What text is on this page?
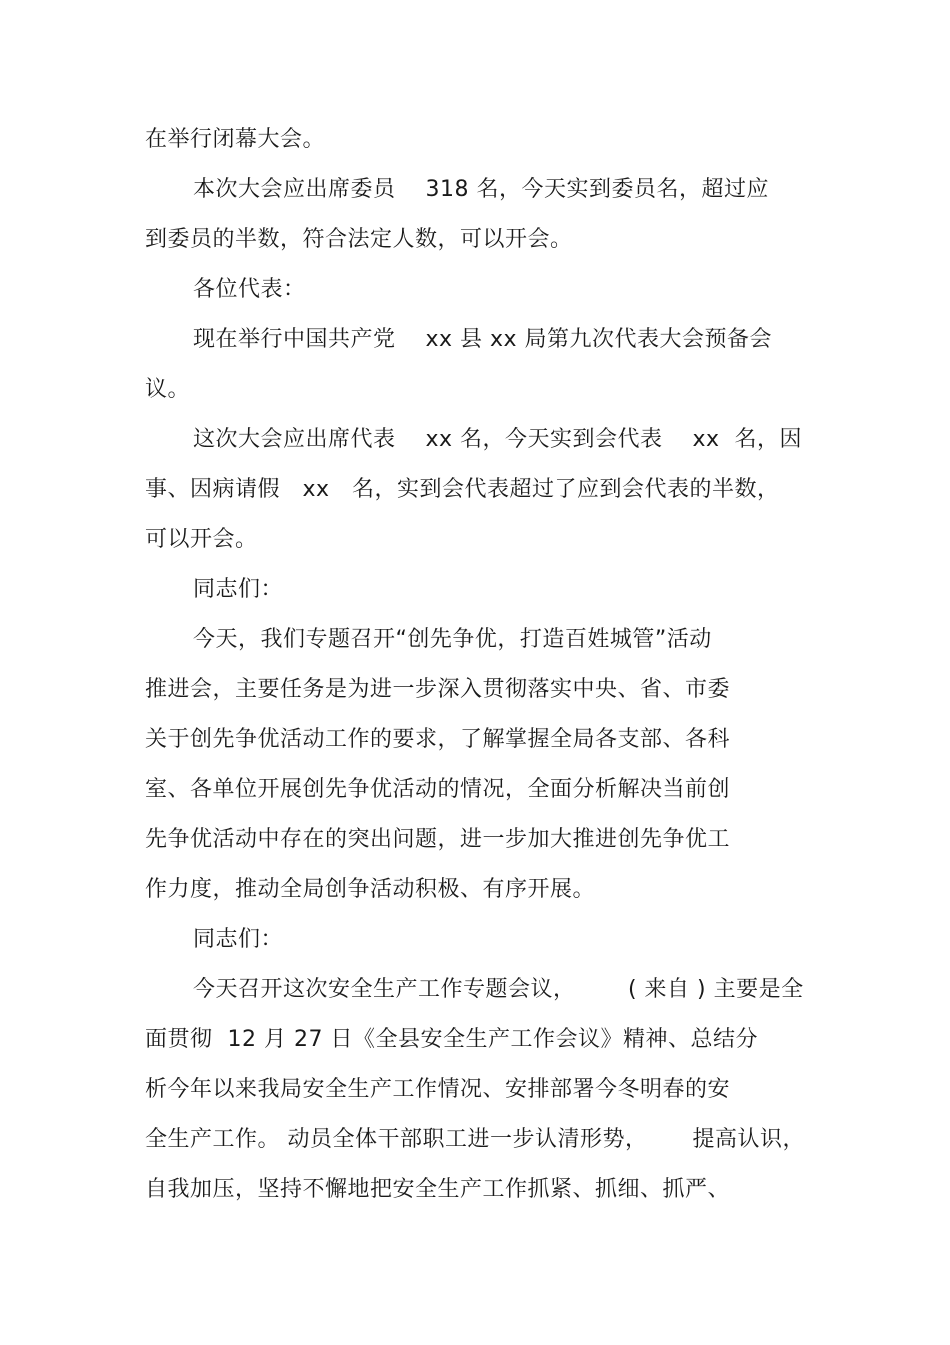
在举行闭幕大会。
本次大会应出席委员    318 名，今天实到委员名，超过应
到委员的半数，符合法定人数，可以开会。
各位代表：
现在举行中国共产党    xx 县 xx 局第九次代表大会预备会
议。
这次大会应出席代表    xx 名，今天实到会代表    xx  名，因
事、因病请假   xx   名，实到会代表超过了应到会代表的半数，
可以开会。
同志们：
今天，我们专题召开“创先争优，打造百姓城管”活动
推进会，主要任务是为进一步深入贯彻落实中央、省、市委
关于创先争优活动工作的要求，了解掌握全局各支部、各科
室、各单位开展创先争优活动的情况，全面分析解决当前创
先争优活动中存在的突出问题，进一步加大推进创先争优工
作力度，推动全局创争活动积极、有序开展。
同志们：
今天召开这次安全生产工作专题会议，       ( 来自 ) 主要是全
面贯彻  12 月 27 日《全县安全生产工作会议》精神、总结分
析今年以来我局安全生产工作情况、安排部署今冬明春的安
全生产工作。 动员全体干部职工进一步认清形势，      提高认识，
自我加压，坚持不懈地把安全生产工作抓紧、抓细、抓严、
